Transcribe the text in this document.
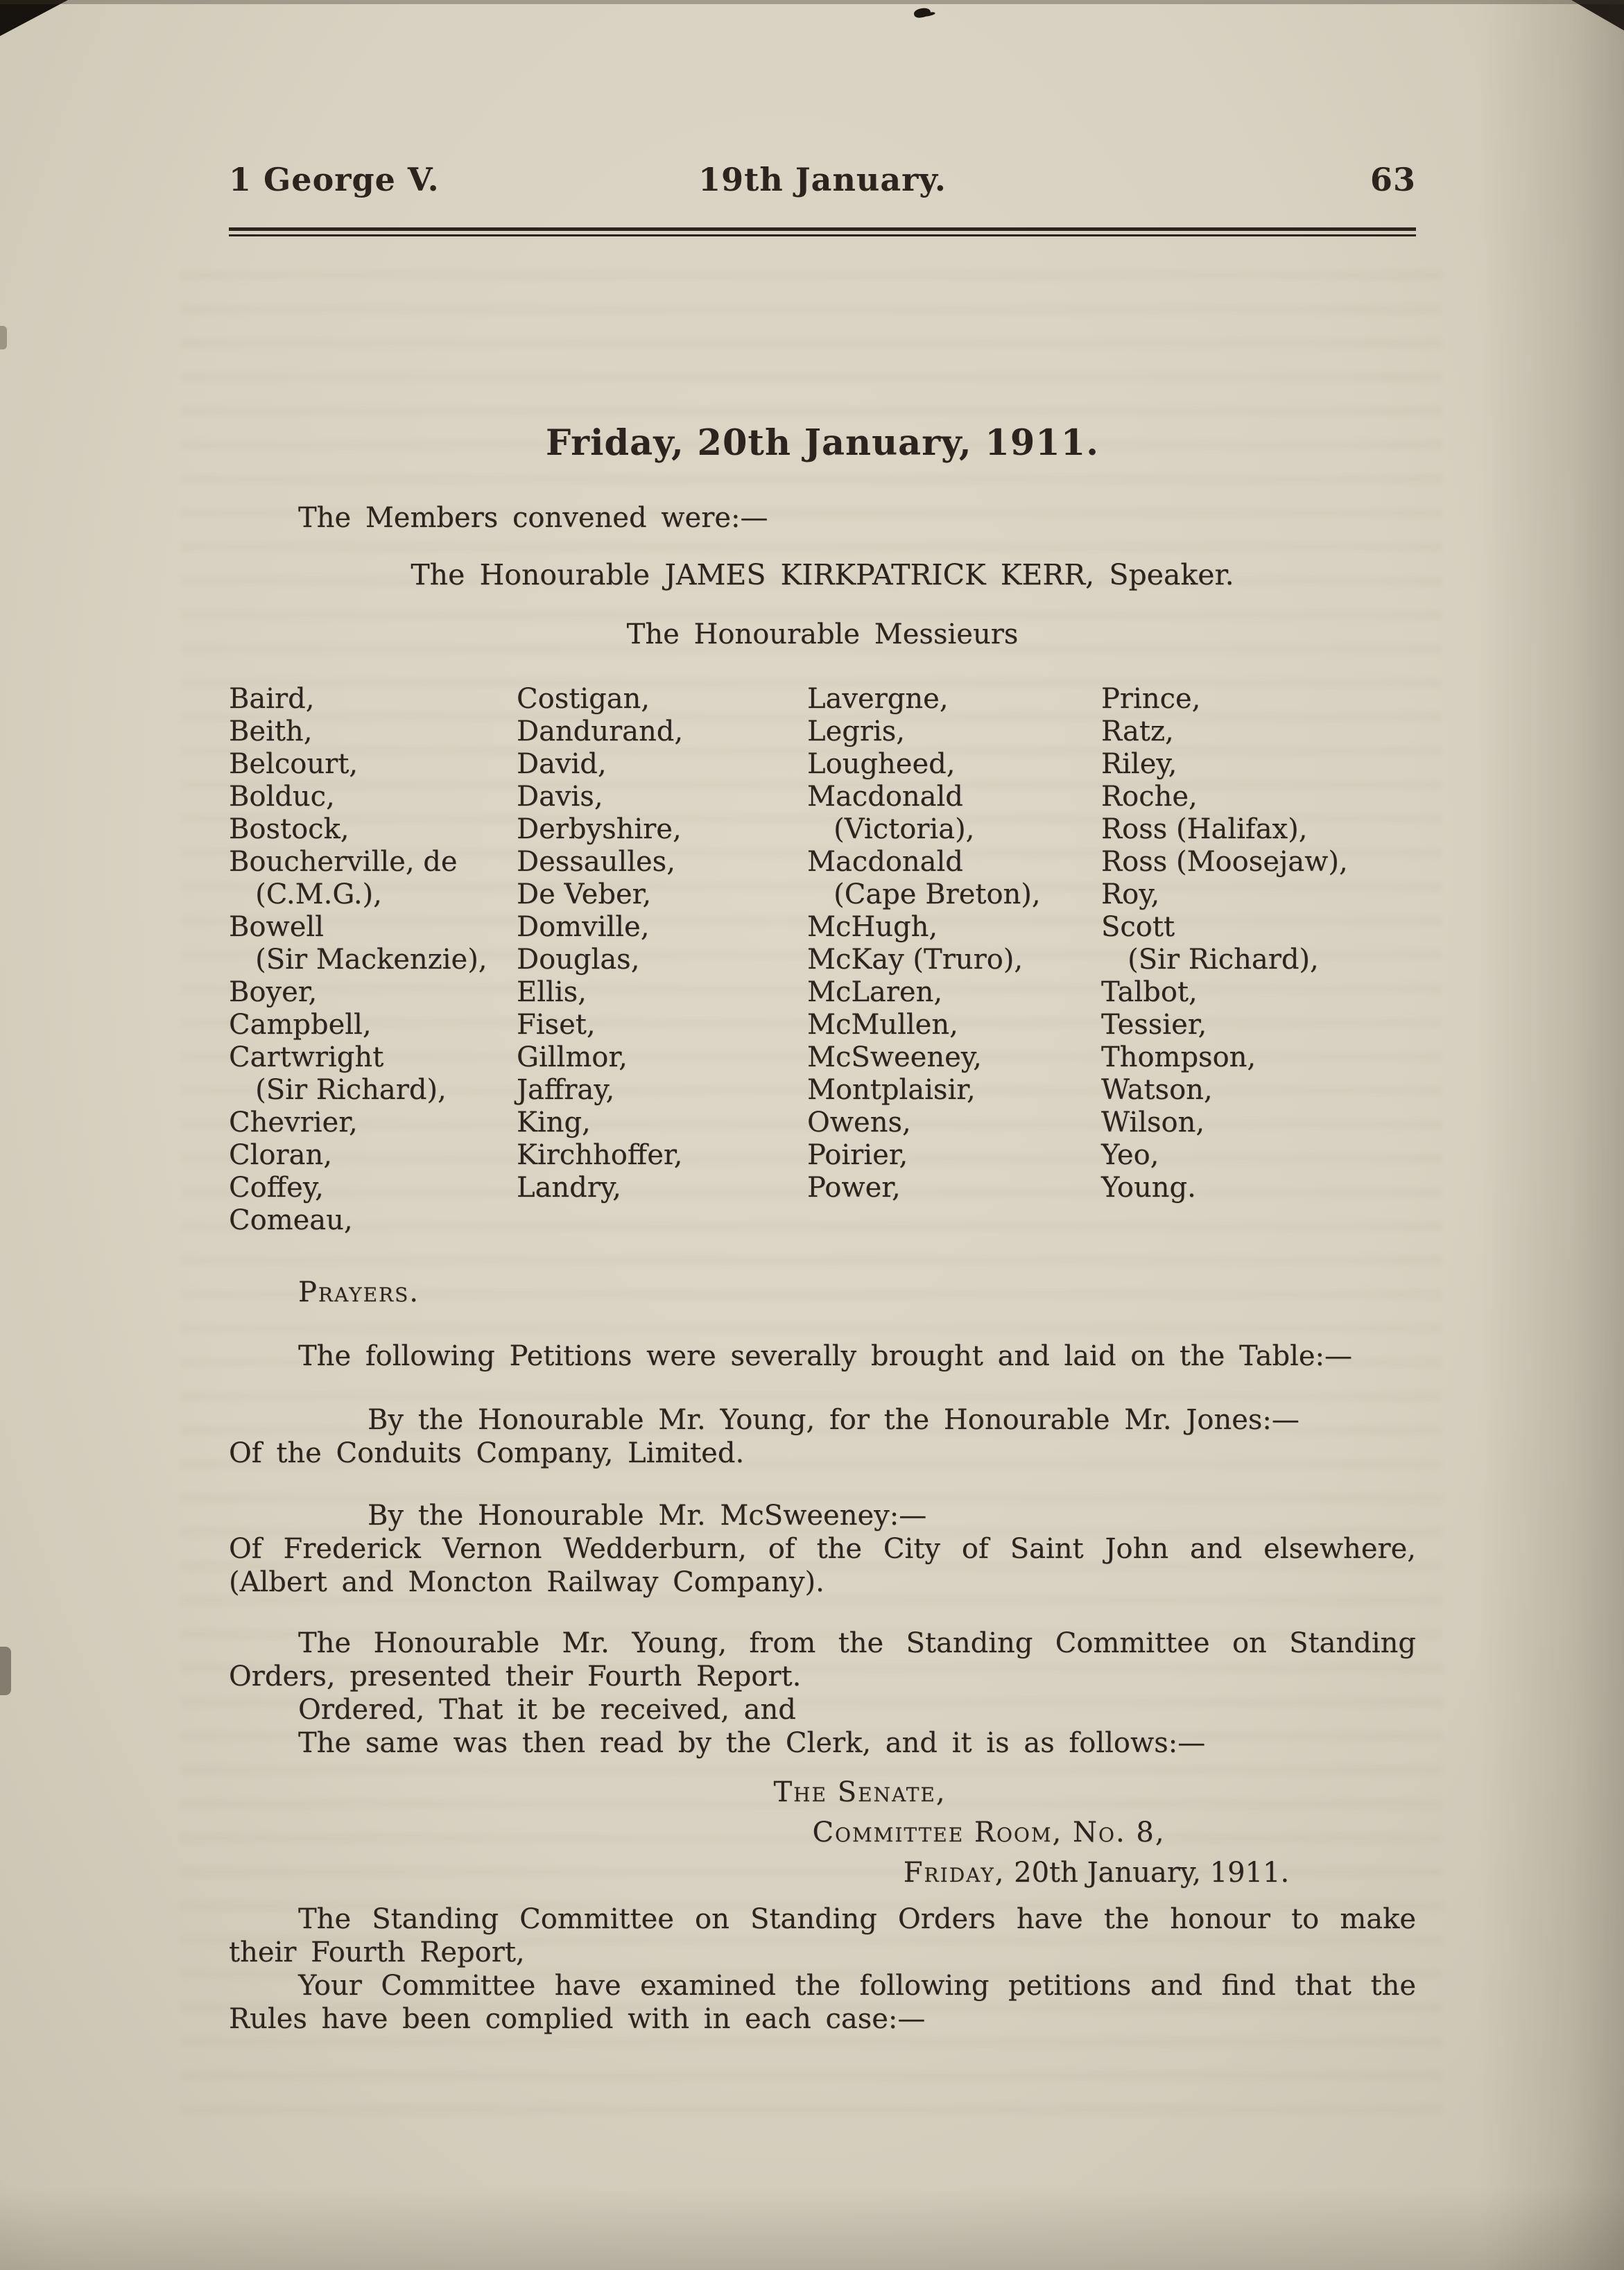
1 George V.	19th January.	63
Friday, 20th January, 1911.

The Members convened were:—

The Honourable JAMES KIRKPATRICK KERR, Speaker.

The Honourable Messieurs

Baird,
Beith,
Belcourt,
Bolduc,
Bostock,
Boucherville, de
(C.M.G.),
Bowell
(Sir Mackenzie),
Boyer,
Campbell,
Cartwright
(Sir Richard),
Chevrier,
Cloran,
Coffey,
Comeau,
Costigan,
Dandurand,
David,
Davis,
Derbyshire,
Dessaulles,
De Veber,
Domville,
Douglas,
Ellis,
Fiset,
Gillmor,
Jaffray,
King,
Kirchhoffer,
Landry,
Lavergne,
Legris,
Lougheed,
Macdonald
(Victoria),
Macdonald
(Cape Breton),
McHugh,
McKay (Truro),
McLaren,
McMullen,
McSweeney,
Montplaisir,
Owens,
Poirier,
Power,
Prince,
Ratz,
Riley,
Roche,
Ross (Halifax),
Ross (Moosejaw),
Roy,
Scott
(Sir Richard),
Talbot,
Tessier,
Thompson,
Watson,
Wilson,
Yeo,
Young.

Prayers.

The following Petitions were severally brought and laid on the Table:—

By the Honourable Mr. Young, for the Honourable Mr. Jones:—

Of the Conduits Company, Limited.

By the Honourable Mr. McSweeney:—

Of Frederick Vernon Wedderburn, of the City of Saint John and elsewhere, (Albert and Moncton Railway Company).

The Honourable Mr. Young, from the Standing Committee on Standing Orders, presented their Fourth Report.

Ordered, That it be received, and

The same was then read by the Clerk, and it is as follows:—

The Senate,
Committee Room, No. 8,
Friday, 20th January, 1911.

The Standing Committee on Standing Orders have the honour to make their Fourth Report,

Your Committee have examined the following petitions and find that the Rules have been complied with in each case:—
